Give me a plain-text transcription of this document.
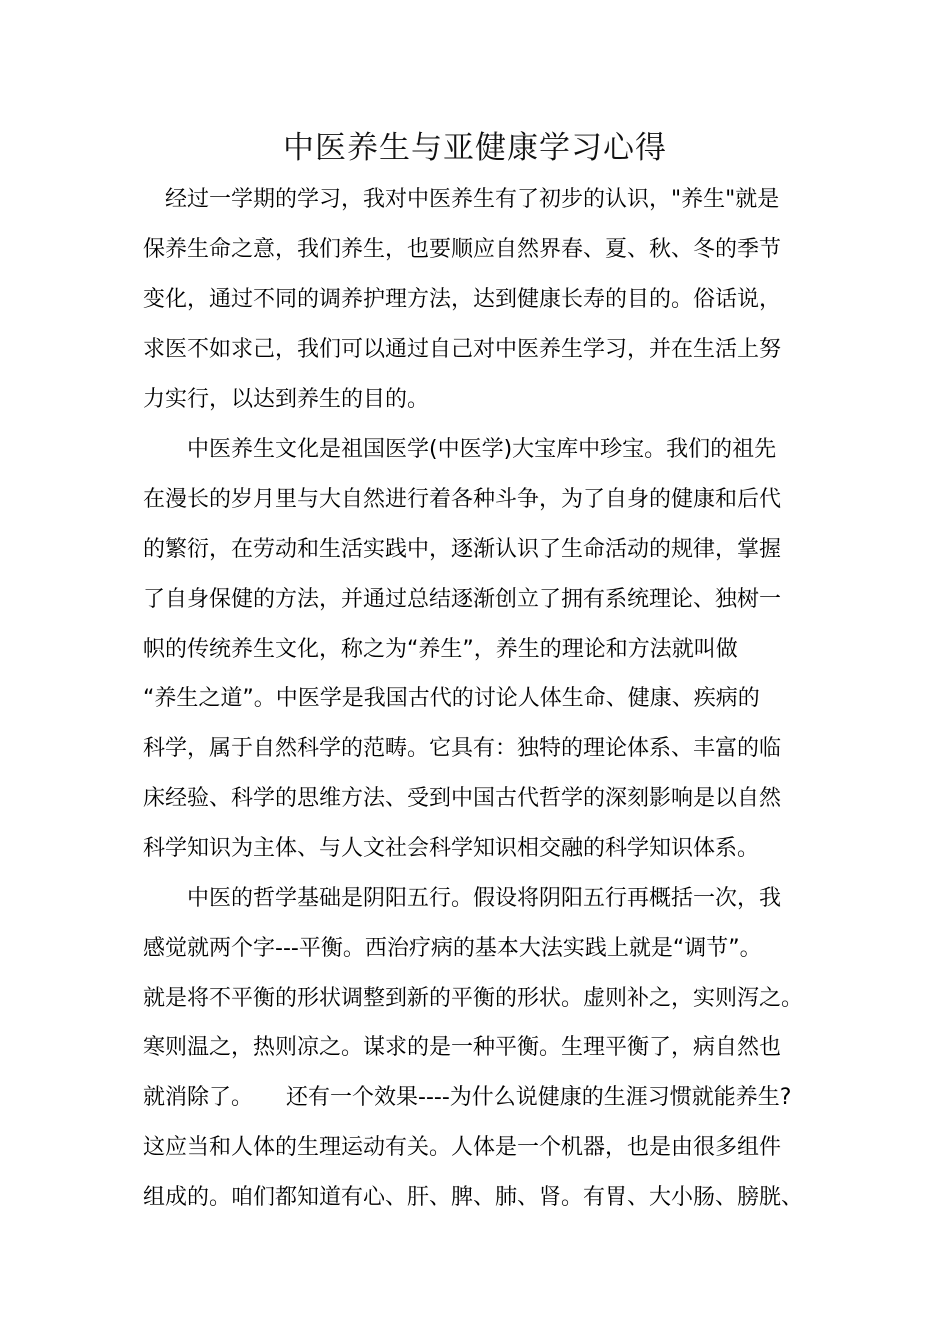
中医养生与亚健康学习心得
　经过一学期的学习，我对中医养生有了初步的认识，"养生"就是
保养生命之意，我们养生，也要顺应自然界春、夏、秋、冬的季节
变化，通过不同的调养护理方法，达到健康长寿的目的。俗话说，
求医不如求己，我们可以通过自己对中医养生学习，并在生活上努
力实行，以达到养生的目的。
　　中医养生文化是祖国医学(中医学)大宝库中珍宝。我们的祖先
在漫长的岁月里与大自然进行着各种斗争，为了自身的健康和后代
的繁衍，在劳动和生活实践中，逐渐认识了生命活动的规律，掌握
了自身保健的方法，并通过总结逐渐创立了拥有系统理论、独树一
帜的传统养生文化，称之为“养生”，养生的理论和方法就叫做
“养生之道”。中医学是我国古代的讨论人体生命、健康、疾病的
科学，属于自然科学的范畴。它具有：独特的理论体系、丰富的临
床经验、科学的思维方法、受到中国古代哲学的深刻影响是以自然
科学知识为主体、与人文社会科学知识相交融的科学知识体系。
　　中医的哲学基础是阴阳五行。假设将阴阳五行再概括一次，我
感觉就两个字---平衡。西治疗病的基本大法实践上就是“调节”。
就是将不平衡的形状调整到新的平衡的形状。虚则补之，实则泻之。
寒则温之，热则凉之。谋求的是一种平衡。生理平衡了，病自然也
就消除了。　　还有一个效果----为什么说健康的生涯习惯就能养生?
这应当和人体的生理运动有关。人体是一个机器，也是由很多组件
组成的。咱们都知道有心、肝、脾、肺、肾。有胃、大小肠、膀胱、
